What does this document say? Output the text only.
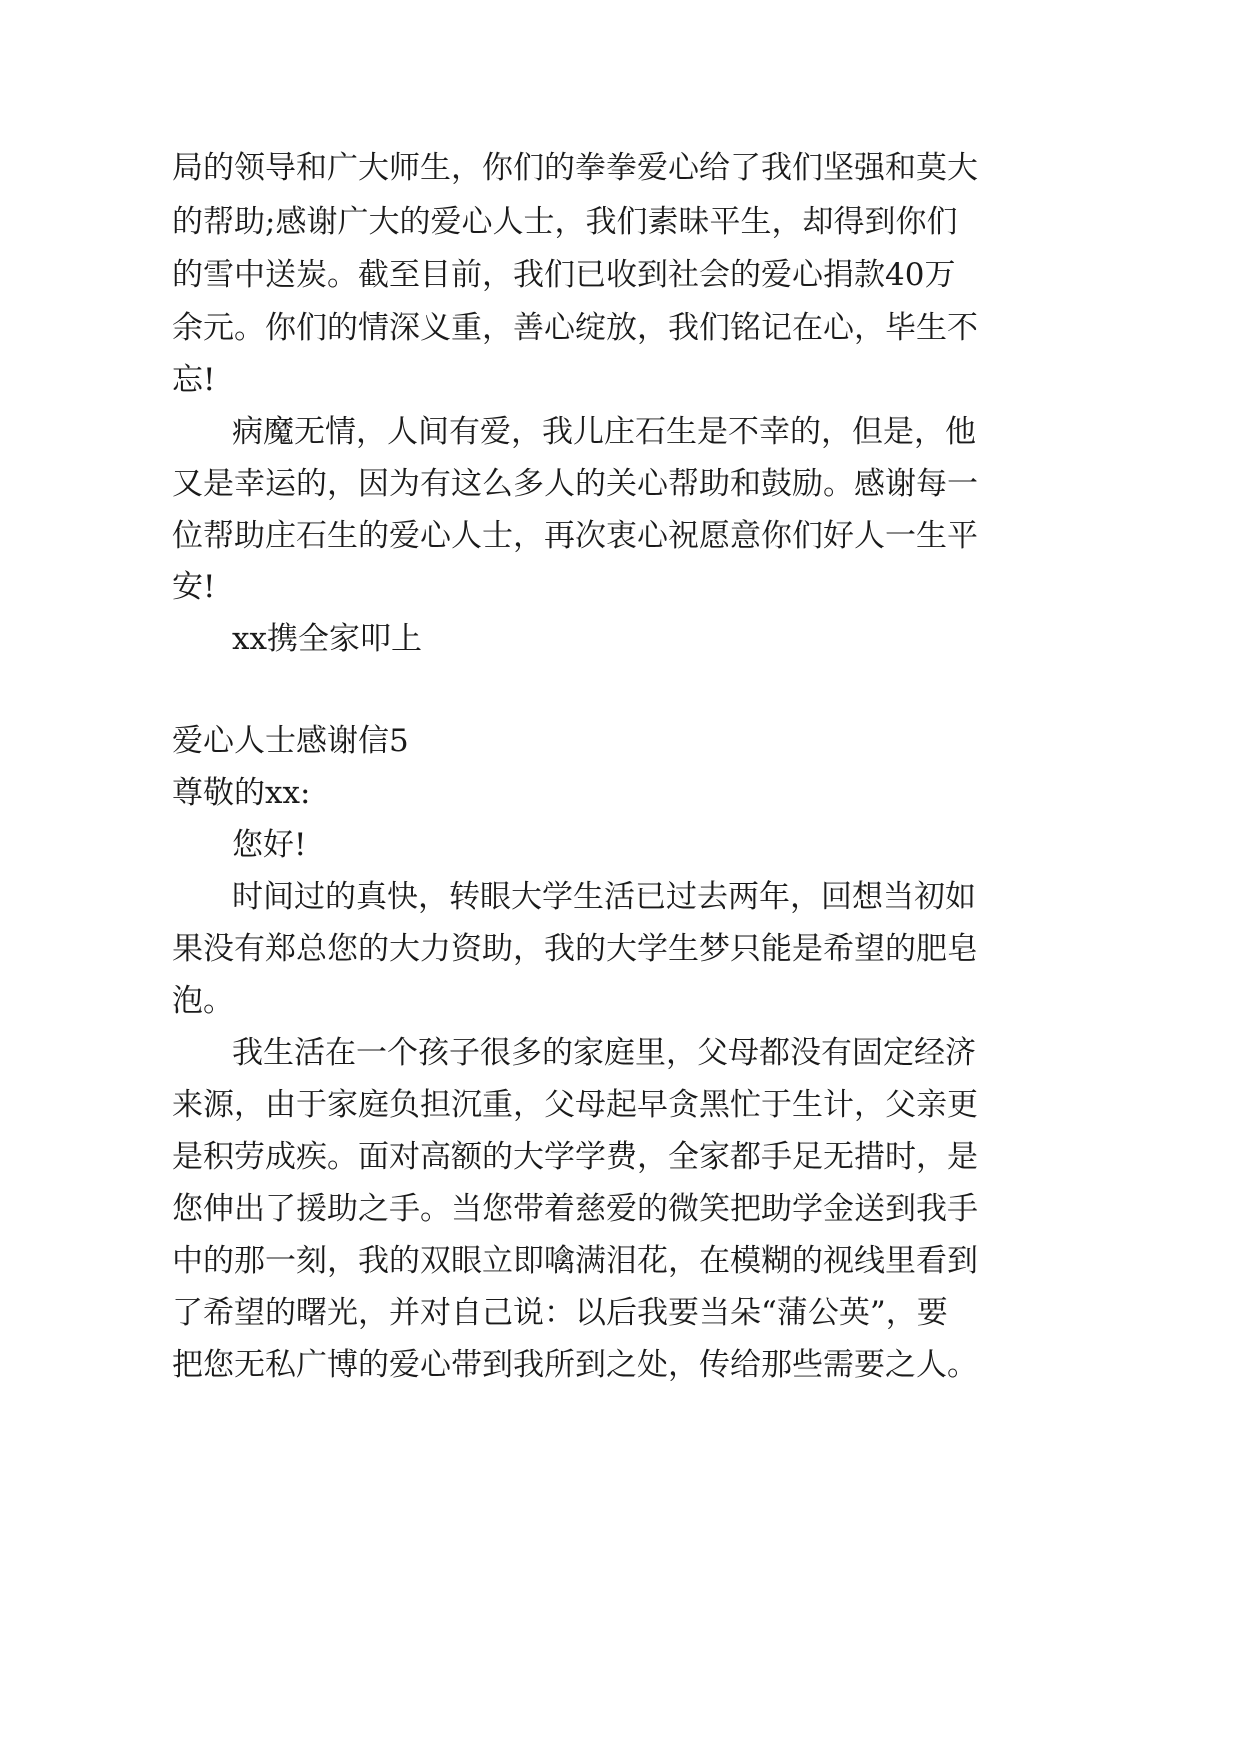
局的领导和广大师生，你们的拳拳爱心给了我们坚强和莫大
的帮助;感谢广大的爱心人士，我们素昧平生，却得到你们
的雪中送炭。截至目前，我们已收到社会的爱心捐款40万
余元。你们的情深义重，善心绽放，我们铭记在心，毕生不
忘!
病魔无情，人间有爱，我儿庄石生是不幸的，但是，他
又是幸运的，因为有这么多人的关心帮助和鼓励。感谢每一
位帮助庄石生的爱心人士，再次衷心祝愿意你们好人一生平
安!
xx携全家叩上
爱心人士感谢信5
尊敬的xx:
您好!
时间过的真快，转眼大学生活已过去两年，回想当初如
果没有郑总您的大力资助，我的大学生梦只能是希望的肥皂
泡。
我生活在一个孩子很多的家庭里，父母都没有固定经济
来源，由于家庭负担沉重，父母起早贪黑忙于生计，父亲更
是积劳成疾。面对高额的大学学费，全家都手足无措时，是
您伸出了援助之手。当您带着慈爱的微笑把助学金送到我手
中的那一刻，我的双眼立即噙满泪花，在模糊的视线里看到
了希望的曙光，并对自己说：以后我要当朵“蒲公英”，要
把您无私广博的爱心带到我所到之处，传给那些需要之人。
